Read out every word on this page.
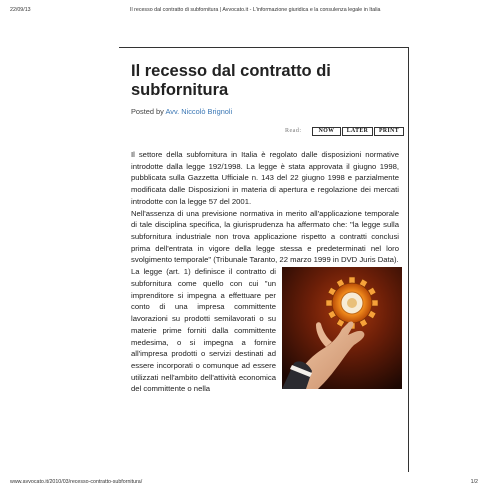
22/09/13	Il recesso dal contratto di subfornitura | Avvocato.it - L'informazione giuridica e la consulenza legale in Italia
Il recesso dal contratto di subfornitura
Posted by Avv. Niccolò Brignoli
Read:	NOW	LATER	PRINT

Il settore della subfornitura in Italia è regolato dalle disposizioni normative introdotte dalla legge 192/1998. La legge è stata approvata il giugno 1998, pubblicata sulla Gazzetta Ufficiale n. 143 del 22 giugno 1998 e parzialmente modificata dalle Disposizioni in materia di apertura e regolazione dei mercati introdotte con la legge 57 del 2001.

Nell'assenza di una previsione normativa in merito all'applicazione temporale di tale disciplina specifica, la giurisprudenza ha affermato che: "la legge sulla subfornitura industriale non trova applicazione rispetto a contratti conclusi prima dell'entrata in vigore della legge stessa e predeterminati nel loro svolgimento temporale" (Tribunale Taranto, 22 marzo 1999 in DVD Juris Data).

La legge (art. 1) definisce il contratto di subfornitura come quello con cui "un imprenditore si impegna a effettuare per conto di una impresa committente lavorazioni su prodotti semilavorati o su materie prime forniti dalla committente medesima, o si impegna a fornire all'impresa prodotti o servizi destinati ad essere incorporati o comunque ad essere utilizzati nell'ambito dell'attività economica del committente o nella

www.avvocato.it/2010/03/recesso-contratto-subfornitura/	1/2
